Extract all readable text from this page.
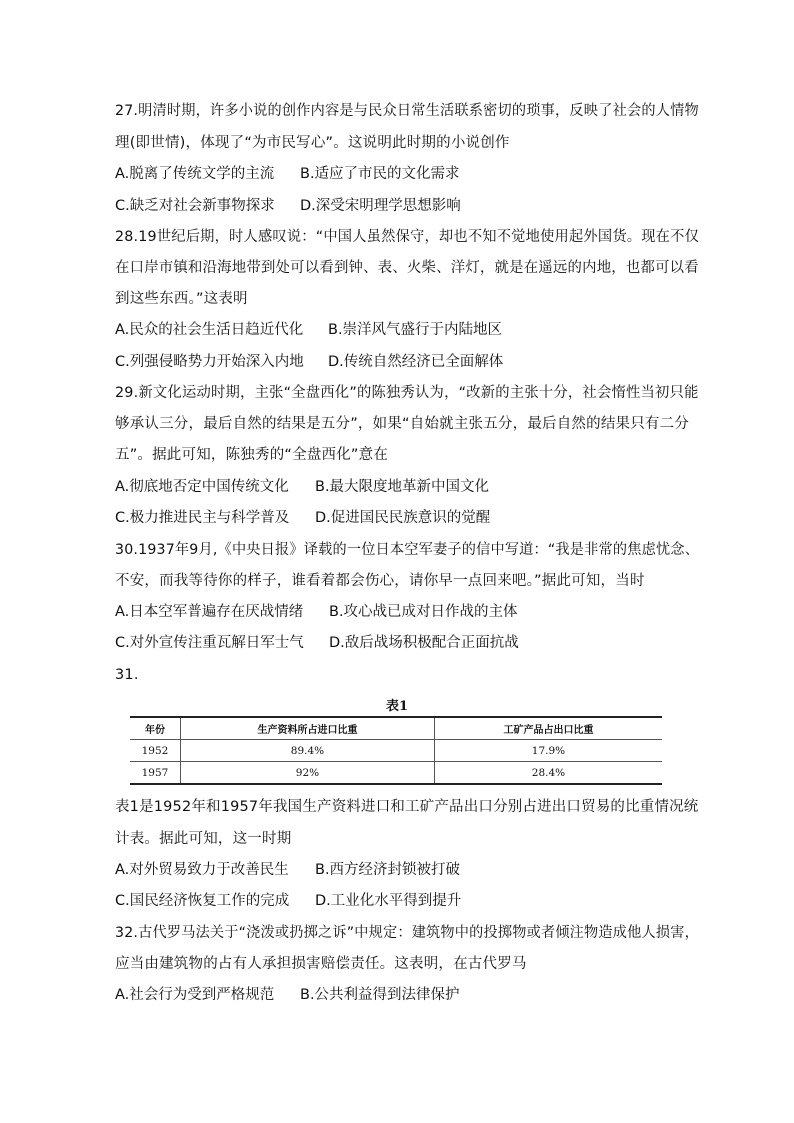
27.明清时期，许多小说的创作内容是与民众日常生活联系密切的琐事，反映了社会的人情物
理(即世情)，体现了“为市民写心”。这说明此时期的小说创作
A.脱离了传统文学的主流 B.适应了市民的文化需求
C.缺乏对社会新事物探求 D.深受宋明理学思想影响
28.19世纪后期，时人感叹说：“中国人虽然保守，却也不知不觉地使用起外国货。现在不仅
在口岸市镇和沿海地带到处可以看到钟、表、火柴、洋灯，就是在遥远的内地，也都可以看
到这些东西。”这表明
A.民众的社会生活日趋近代化 B.崇洋风气盛行于内陆地区
C.列强侵略势力开始深入内地 D.传统自然经济已全面解体
29.新文化运动时期，主张“全盘西化”的陈独秀认为，“改新的主张十分，社会惰性当初只能
够承认三分，最后自然的结果是五分”，如果“自始就主张五分，最后自然的结果只有二分
五”。据此可知，陈独秀的“全盘西化”意在
A.彻底地否定中国传统文化 B.最大限度地革新中国文化
C.极力推进民主与科学普及 D.促进国民民族意识的觉醒
30.1937年9月,《中央日报》译载的一位日本空军妻子的信中写道：“我是非常的焦虑忧念、
不安，而我等待你的样子，谁看着都会伤心，请你早一点回来吧。”据此可知，当时
A.日本空军普遍存在厌战情绪 B.攻心战已成对日作战的主体
C.对外宣传注重瓦解日军士气 D.敌后战场积极配合正面抗战
31.
表1
年份	生产资料所占进口比重	工矿产品占出口比重
1952	89.4%	17.9%
1957	92%	28.4%
表1是1952年和1957年我国生产资料进口和工矿产品出口分别占进出口贸易的比重情况统
计表。据此可知，这一时期
A.对外贸易致力于改善民生 B.西方经济封锁被打破
C.国民经济恢复工作的完成 D.工业化水平得到提升
32.古代罗马法关于“浇泼或扔掷之诉”中规定：建筑物中的投掷物或者倾注物造成他人损害，
应当由建筑物的占有人承担损害赔偿责任。这表明，在古代罗马
A.社会行为受到严格规范 B.公共利益得到法律保护
